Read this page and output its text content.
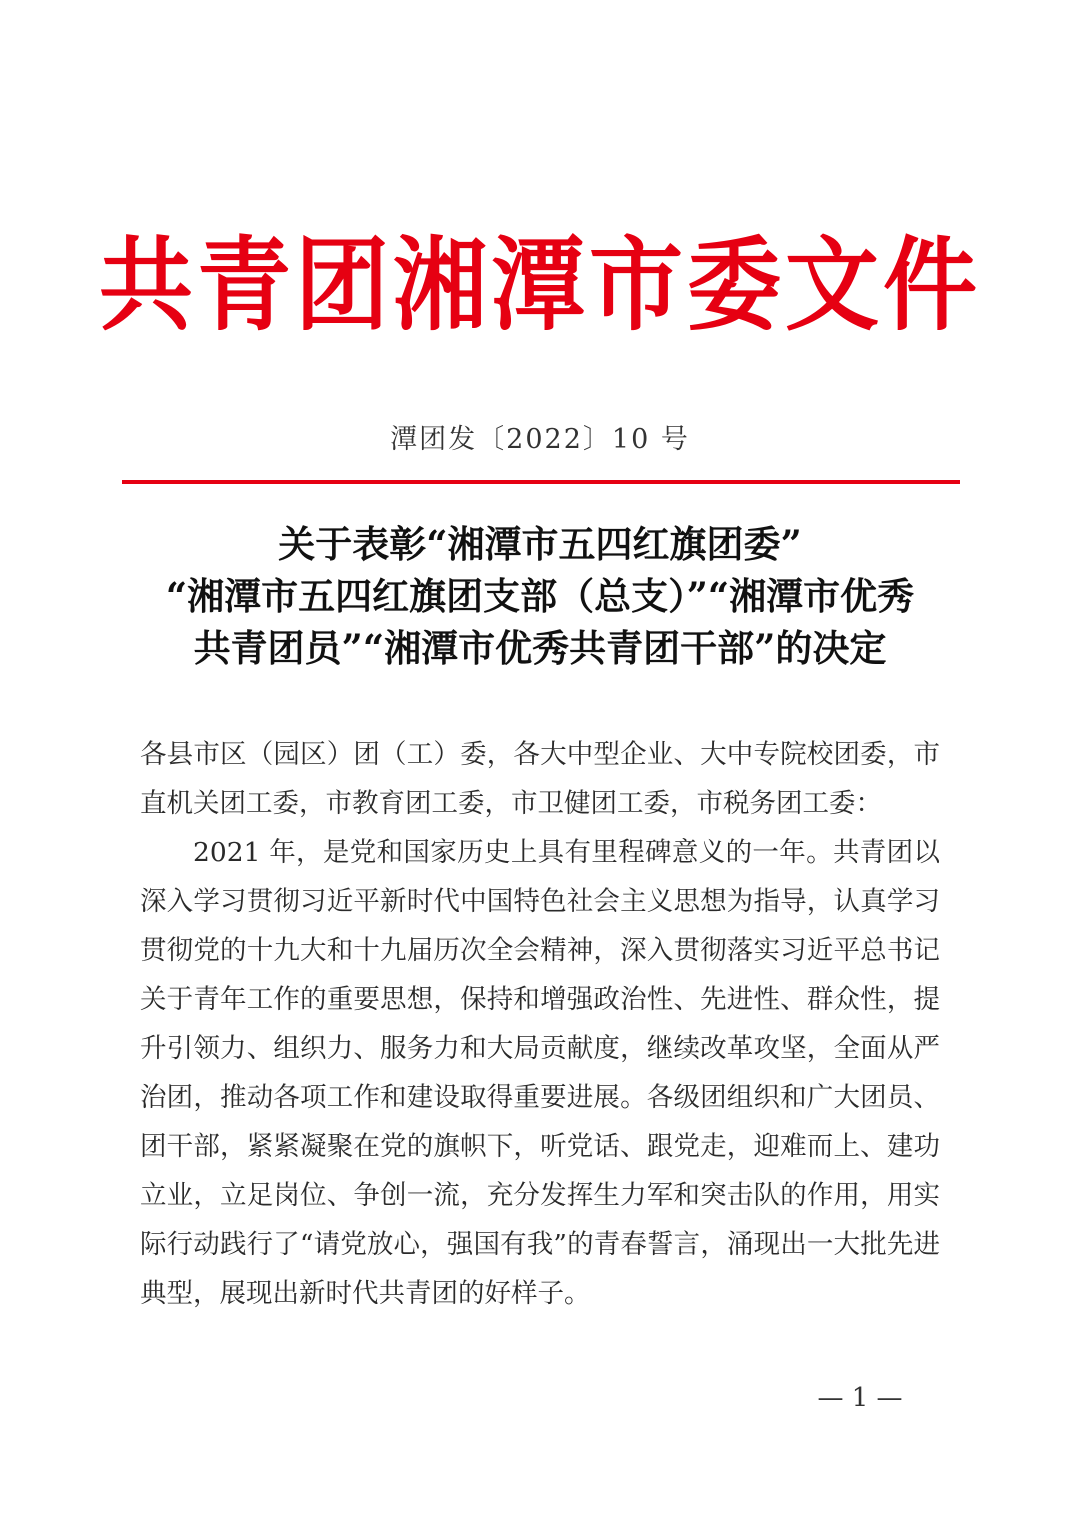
共青团湘潭市委文件
潭团发〔2022〕10 号
关于表彰“湘潭市五四红旗团委”
“湘潭市五四红旗团支部（总支）”“湘潭市优秀
共青团员”“湘潭市优秀共青团干部”的决定

各县市区（园区）团（工）委，各大中型企业、大中专院校团委，市直机关团工委，市教育团工委，市卫健团工委，市税务团工委：

2021 年，是党和国家历史上具有里程碑意义的一年。共青团以深入学习贯彻习近平新时代中国特色社会主义思想为指导，认真学习贯彻党的十九大和十九届历次全会精神，深入贯彻落实习近平总书记关于青年工作的重要思想，保持和增强政治性、先进性、群众性，提升引领力、组织力、服务力和大局贡献度，继续改革攻坚，全面从严治团，推动各项工作和建设取得重要进展。各级团组织和广大团员、团干部，紧紧凝聚在党的旗帜下，听党话、跟党走，迎难而上、建功立业，立足岗位、争创一流，充分发挥生力军和突击队的作用，用实际行动践行了“请党放心，强国有我”的青春誓言，涌现出一大批先进典型，展现出新时代共青团的好样子。

— 1 —
